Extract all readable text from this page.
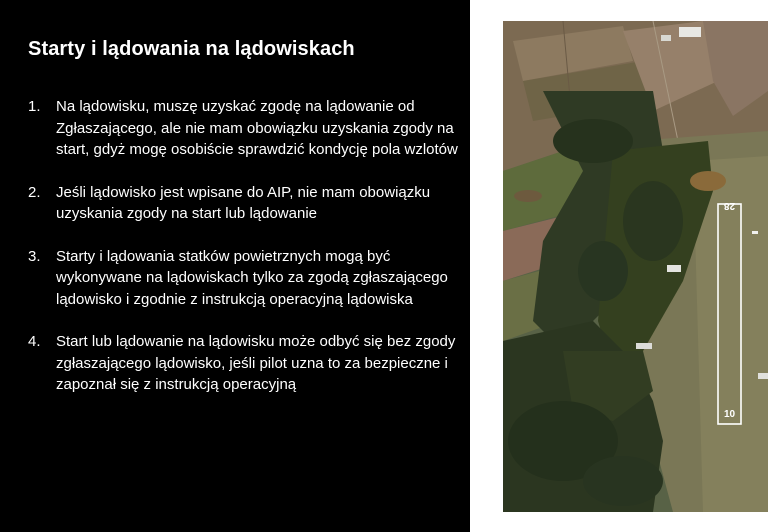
Starty i lądowania na lądowiskach
1. Na lądowisku, muszę uzyskać zgodę na lądowanie od Zgłaszającego, ale nie mam obowiązku uzyskania zgody na start, gdyż mogę osobiście sprawdzić kondycję pola wzlotów
2. Jeśli lądowisko jest wpisane do AIP, nie mam obowiązku uzyskania zgody na start lub lądowanie
3. Starty i lądowania statków powietrznych mogą być wykonywane na lądowiskach tylko za zgodą zgłaszającego lądowisko i zgodnie z instrukcją operacyjną lądowiska
4. Start lub lądowanie na lądowisku może odbyć się bez zgody zgłaszającego lądowisko, jeśli pilot uzna to za bezpieczne i zapoznał się z instrukcją operacyjną
28
10
